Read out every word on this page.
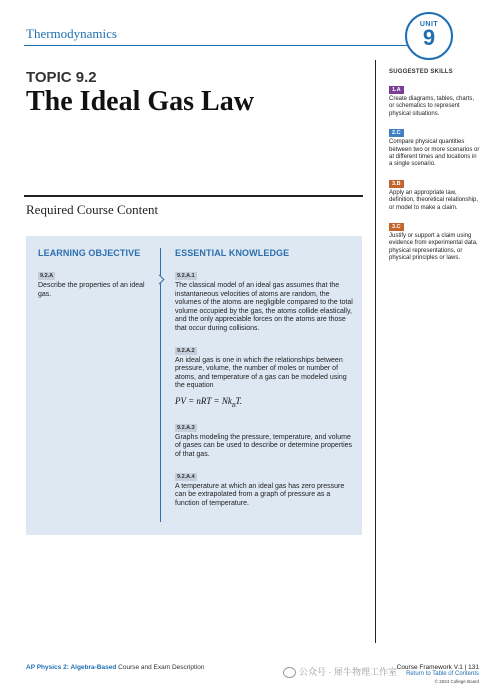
Thermodynamics
UNIT
9
TOPIC 9.2
The Ideal Gas Law
Required Course Content
LEARNING OBJECTIVE
9.2.A

Describe the properties of an ideal gas.

ESSENTIAL KNOWLEDGE
9.2.A.1

The classical model of an ideal gas assumes that the instantaneous velocities of atoms are random, the volumes of the atoms are negligible compared to the total volume occupied by the gas, the atoms collide elastically, and the only appreciable forces on the atoms are those that occur during collisions.

9.2.A.2

An ideal gas is one in which the relationships between pressure, volume, the number of moles or number of atoms, and temperature of a gas can be modeled using the equation

PV = nRT = $Nk_BT$.
9.2.A.3

Graphs modeling the pressure, temperature, and volume of gases can be used to describe or determine properties of that gas.

9.2.A.4

A temperature at which an ideal gas has zero pressure can be extrapolated from a graph of pressure as a function of temperature.

SUGGESTED SKILLS
1.A
Create diagrams, tables, charts, or schematics to represent physical situations.
2.C
Compare physical quantities between two or more scenarios or at different times and locations in a single scenario.
3.B
Apply an appropriate law, definition, theoretical relationship, or model to make a claim.
3.C
Justify or support a claim using evidence from experimental data, physical representations, or physical principles or laws.
AP Physics 2: Algebra-Based Course and Exam Description	公众号 · 犀牛物理工作室 Course Framework V.1 | 131
Return to Table of Contents
© 2024 College Board
